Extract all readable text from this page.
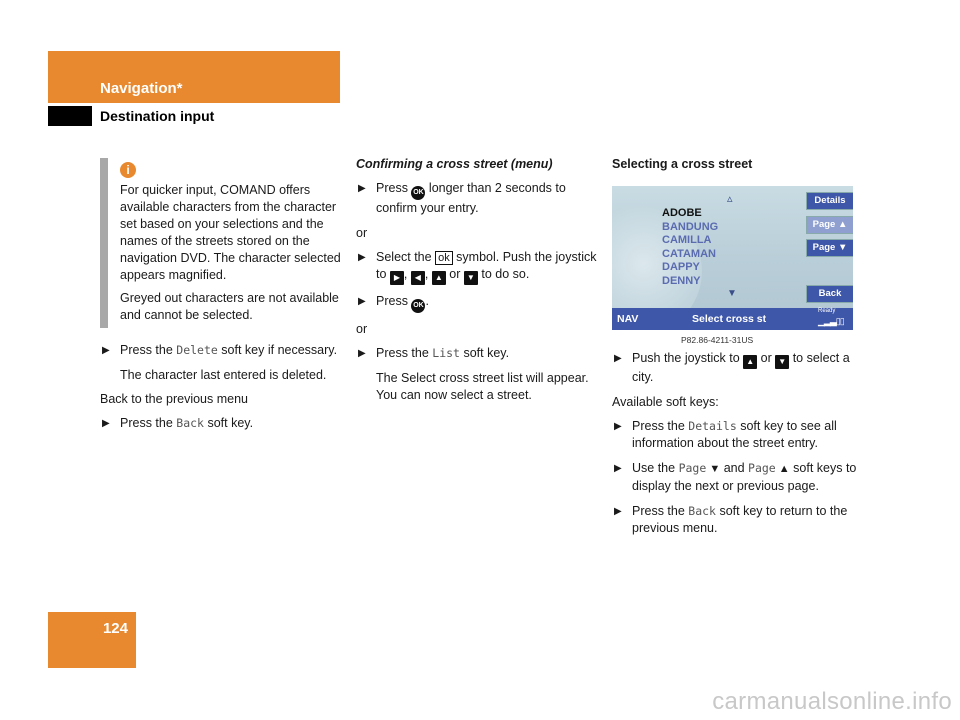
Navigation*
Destination input
i

For quicker input, COMAND offers available characters from the character set based on your selections and the names of the streets stored on the navigation DVD. The character selected appears magnified.

Greyed out characters are not available and cannot be selected.

▶ Press the Delete soft key if necessary.

The character last entered is deleted.

Back to the previous menu

▶ Press the Back soft key.

Confirming a cross street (menu)

▶ Press OK longer than 2 seconds to confirm your entry.

or

▶ Select the ok symbol. Push the joystick to ▶ , ◀ , ▲ or ▼ to do so.
▶ Press OK .

or

▶ Press the List soft key.

The Select cross street list will appear. You can now select a street.

Selecting a cross street

▵
ADOBE
BANDUNG
CAMILLA
CATAMAN
DAPPY
DENNY
▼
Details
Page ▲
Page ▼
Back
NAV	Select cross st
Ready
▁▂▃▯▯
P82.86-4211-31US
▶ Push the joystick to ▲ or ▼ to select a city.

Available soft keys:

▶ Press the Details soft key to see all information about the street entry.
▶ Use the Page ▼ and Page ▲ soft keys to display the next or previous page.
▶ Press the Back soft key to return to the previous menu.
124
carmanualsonline.info
